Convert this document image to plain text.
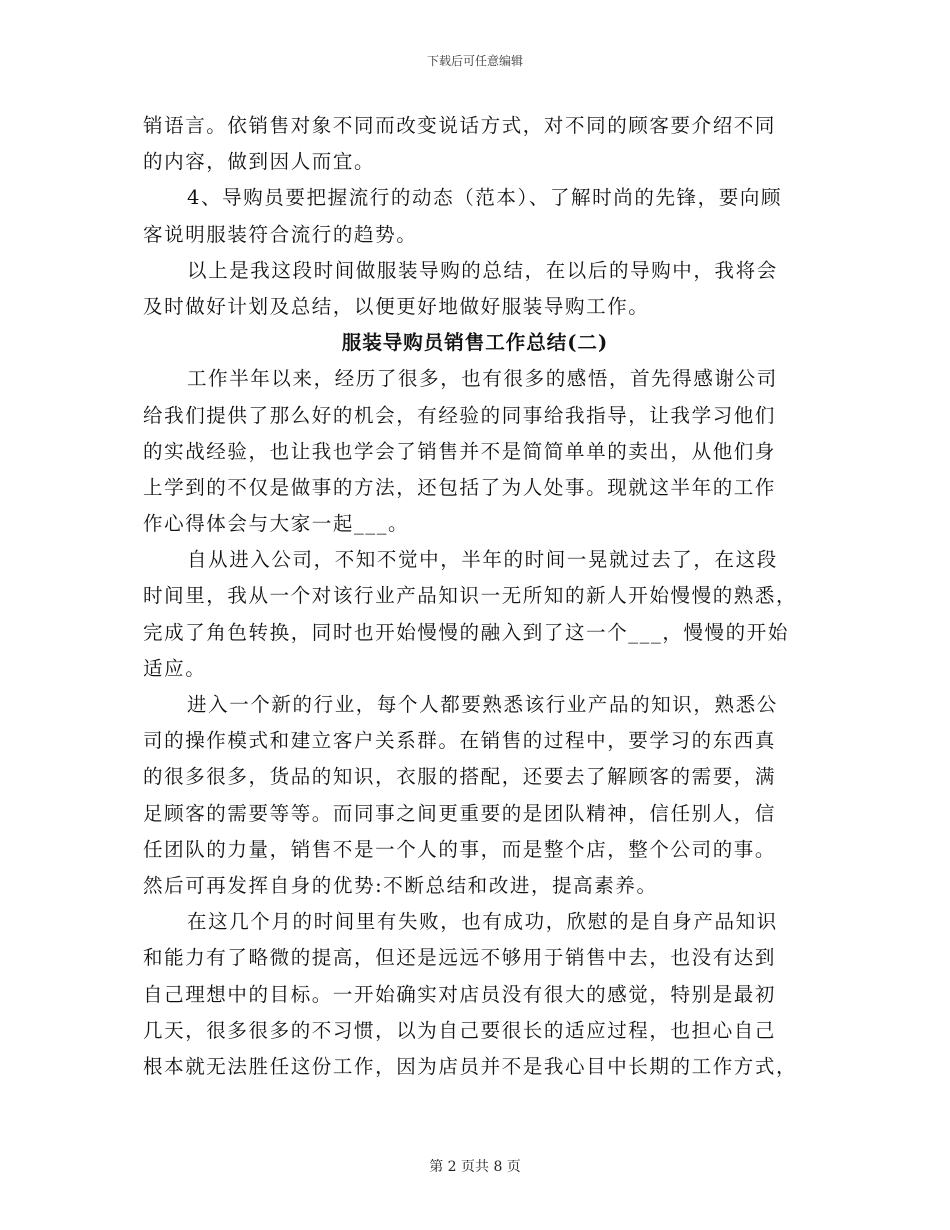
下载后可任意编辑
销语言。依销售对象不同而改变说话方式，对不同的顾客要介绍不同
的内容，做到因人而宜。
4、导购员要把握流行的动态（范本）、了解时尚的先锋，要向顾
客说明服装符合流行的趋势。
以上是我这段时间做服装导购的总结，在以后的导购中，我将会
及时做好计划及总结，以便更好地做好服装导购工作。
服装导购员销售工作总结(二)
工作半年以来，经历了很多，也有很多的感悟，首先得感谢公司
给我们提供了那么好的机会，有经验的同事给我指导，让我学习他们
的实战经验，也让我也学会了销售并不是简简单单的卖出，从他们身
上学到的不仅是做事的方法，还包括了为人处事。现就这半年的工作
作心得体会与大家一起___。
自从进入公司，不知不觉中，半年的时间一晃就过去了，在这段
时间里，我从一个对该行业产品知识一无所知的新人开始慢慢的熟悉，
完成了角色转换，同时也开始慢慢的融入到了这一个___，慢慢的开始
适应。
进入一个新的行业，每个人都要熟悉该行业产品的知识，熟悉公
司的操作模式和建立客户关系群。在销售的过程中，要学习的东西真
的很多很多，货品的知识，衣服的搭配，还要去了解顾客的需要，满
足顾客的需要等等。而同事之间更重要的是团队精神，信任别人，信
任团队的力量，销售不是一个人的事，而是整个店，整个公司的事。
然后可再发挥自身的优势:不断总结和改进，提高素养。
在这几个月的时间里有失败，也有成功，欣慰的是自身产品知识
和能力有了略微的提高，但还是远远不够用于销售中去，也没有达到
自己理想中的目标。一开始确实对店员没有很大的感觉，特别是最初
几天，很多很多的不习惯，以为自己要很长的适应过程，也担心自己
根本就无法胜任这份工作，因为店员并不是我心目中长期的工作方式，
第 2 页共 8 页
